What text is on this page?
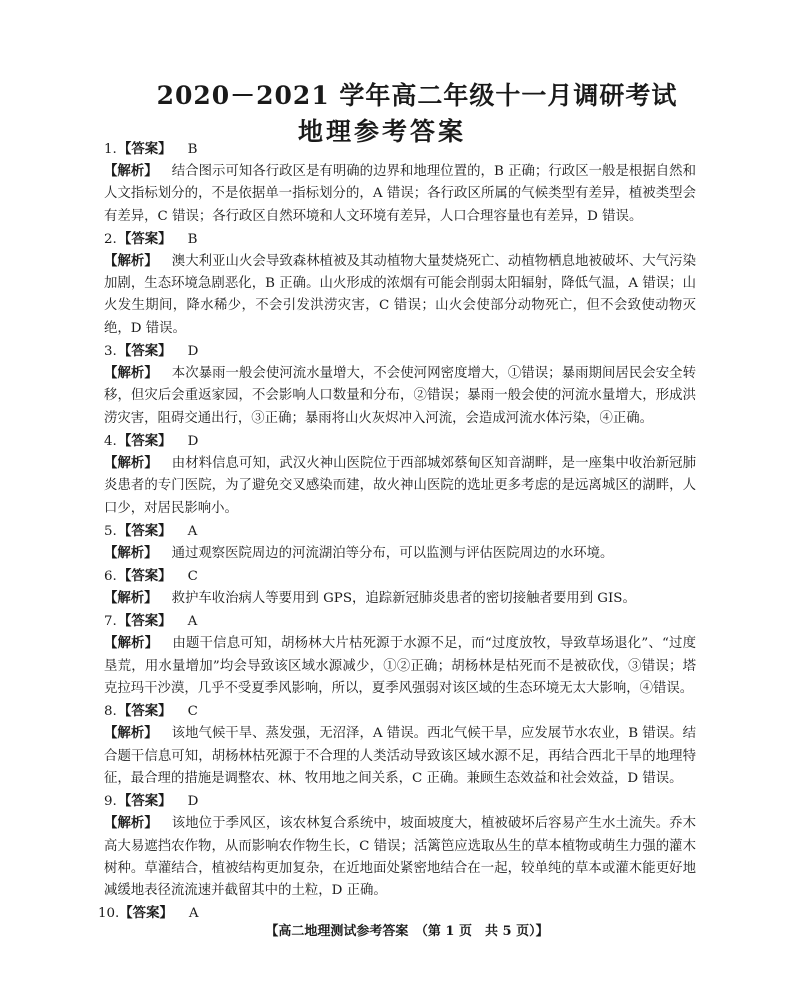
2020－2021 学年高二年级十一月调研考试
地理参考答案
1.【答案】 B
【解析】 结合图示可知各行政区是有明确的边界和地理位置的，B 正确；行政区一般是根据自然和人文指标划分的，不是依据单一指标划分的，A 错误；各行政区所属的气候类型有差异，植被类型会有差异，C 错误；各行政区自然环境和人文环境有差异，人口合理容量也有差异，D 错误。
2.【答案】 B
【解析】 澳大利亚山火会导致森林植被及其动植物大量焚烧死亡、动植物栖息地被破坏、大气污染加剧，生态环境急剧恶化，B 正确。山火形成的浓烟有可能会削弱太阳辐射，降低气温，A 错误；山火发生期间，降水稀少，不会引发洪涝灾害，C 错误；山火会使部分动物死亡，但不会致使动物灭绝，D 错误。
3.【答案】 D
【解析】 本次暴雨一般会使河流水量增大，不会使河网密度增大，①错误；暴雨期间居民会安全转移，但灾后会重返家园，不会影响人口数量和分布，②错误；暴雨一般会使的河流水量增大，形成洪涝灾害，阻碍交通出行，③正确；暴雨将山火灰烬冲入河流，会造成河流水体污染，④正确。
4.【答案】 D
【解析】 由材料信息可知，武汉火神山医院位于西部城郊蔡甸区知音湖畔，是一座集中收治新冠肺炎患者的专门医院，为了避免交叉感染而建，故火神山医院的选址更多考虑的是远离城区的湖畔，人口少，对居民影响小。
5.【答案】 A
【解析】 通过观察医院周边的河流湖泊等分布，可以监测与评估医院周边的水环境。
6.【答案】 C
【解析】 救护车收治病人等要用到 GPS，追踪新冠肺炎患者的密切接触者要用到 GIS。
7.【答案】 A
【解析】 由题干信息可知，胡杨林大片枯死源于水源不足，而“过度放牧，导致草场退化”、“过度垦荒，用水量增加”均会导致该区域水源减少，①②正确；胡杨林是枯死而不是被砍伐，③错误；塔克拉玛干沙漠，几乎不受夏季风影响，所以，夏季风强弱对该区域的生态环境无太大影响，④错误。
8.【答案】 C
【解析】 该地气候干旱、蒸发强，无沼泽，A 错误。西北气候干旱，应发展节水农业，B 错误。结合题干信息可知，胡杨林枯死源于不合理的人类活动导致该区域水源不足，再结合西北干旱的地理特征，最合理的措施是调整农、林、牧用地之间关系，C 正确。兼顾生态效益和社会效益，D 错误。
9.【答案】 D
【解析】 该地位于季风区，该农林复合系统中，坡面坡度大，植被破坏后容易产生水土流失。乔木高大易遮挡农作物，从而影响农作物生长，C 错误；活篱笆应选取丛生的草本植物或萌生力强的灌木树种。草灌结合，植被结构更加复杂，在近地面处紧密地结合在一起，较单纯的草本或灌木能更好地减缓地表径流流速并截留其中的土粒，D 正确。
10.【答案】 A
【高二地理测试参考答案　（第 1 页　共 5 页）】
